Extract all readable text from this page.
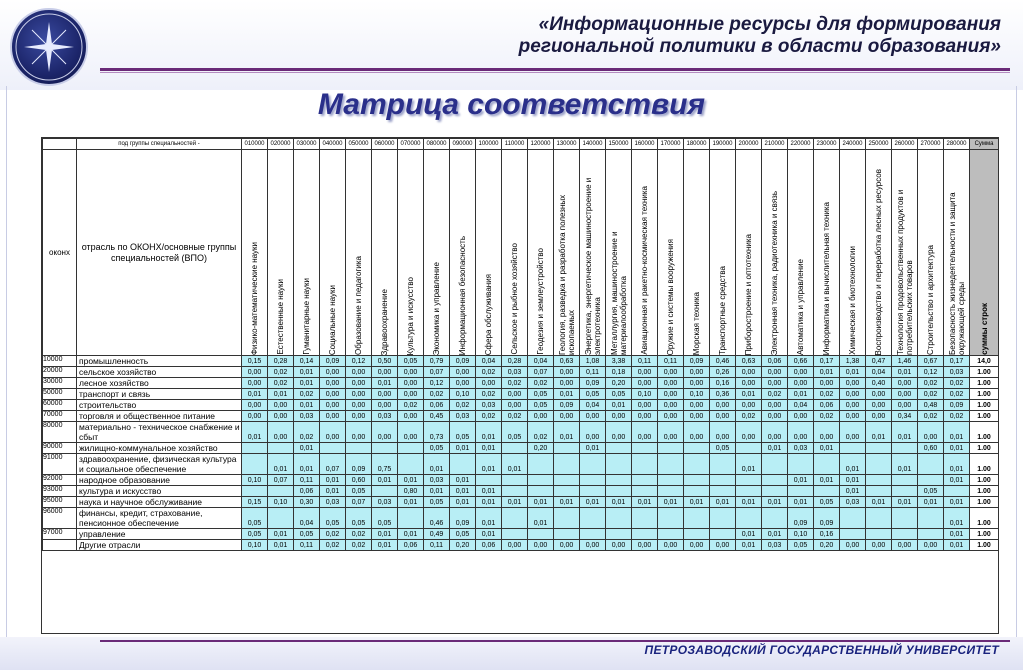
«Информационные ресурсы для формирования
региональной политики в области образования»
Матрица соответствия
	под группы специальностей -	010000	020000	030000	040000	050000	060000	070000	080000	090000	100000	110000	120000	130000	140000	150000	160000	170000	180000	190000	200000	210000	220000	230000	240000	250000	260000	270000	280000	Сумма
оконх	отрасль по ОКОНХ/основные группы специальностей (ВПО)	Физико-математические науки	Естественные науки	Гуманитарные науки	Социальные науки	Образование и педагогика	Здравоохранение	Культура и искусство	Экономика и управление	Информационная безопасность	Сфера обслуживания	Сельское и рыбное хозяйство	Геодезия и землеустройство	Геология, разведка и разработка полезных ископаемых	Энергетика, энергетическое машиностроение и электротехника	Металлургия, машиностроение и материалообработка	Авиационная и ракетно-космическая техника	Оружие и системы вооружения	Морская техника	Транспортные средства	Приборостроение и оптотехника	Электронная техника, радиотехника и связь	Автоматика и управление	Информатика и вычислительная техника	Химическая и биотехнологии	Воспроизводство и переработка лесных ресурсов	Технология продовольственных продуктов и потребительских товаров	Строительство и архитектура	Безопасность жизнедеятельности и защита окружающей среды	суммы строк

10000	промышленность	0,15	0,28	0,14	0,09	0,12	0,50	0,05	0,79	0,09	0,04	0,28	0,04	0,63	1,08	3,38	0,11	0,11	0,09	0,46	0,63	0,06	0,66	0,17	1,38	0,47	1,46	0,67	0,17	14,0
20000	сельское хозяйство	0,00	0,02	0,01	0,00	0,00	0,00	0,00	0,07	0,00	0,02	0,03	0,07	0,00	0,11	0,18	0,00	0,00	0,00	0,26	0,00	0,00	0,00	0,01	0,01	0,04	0,01	0,12	0,03	1.00
30000	лесное хозяйство	0,00	0,02	0,01	0,00	0,00	0,01	0,00	0,12	0,00	0,00	0,02	0,02	0,00	0,09	0,20	0,00	0,00	0,00	0,16	0,00	0,00	0,00	0,00	0,00	0,40	0,00	0,02	0,02	1.00
50000	транспорт и связь	0,01	0,01	0,02	0,00	0,00	0,00	0,00	0,02	0,10	0,02	0,00	0,05	0,01	0,05	0,05	0,10	0,00	0,10	0,36	0,01	0,02	0,01	0,02	0,00	0,00	0,00	0,02	0,02	1.00
60000	строительство	0,00	0,00	0,01	0,00	0,00	0,00	0,02	0,06	0,02	0,03	0,00	0,05	0,09	0,04	0,01	0,00	0,00	0,00	0,00	0,00	0,00	0,04	0,06	0,00	0,00	0,00	0,48	0,09	1.00
70000	торговля и общественное питание	0,00	0,00	0,03	0,00	0,00	0,03	0,00	0,45	0,03	0,02	0,02	0,00	0,00	0,00	0,00	0,00	0,00	0,00	0,00	0,02	0,00	0,00	0,02	0,00	0,00	0,34	0,02	0,02	1.00
80000	материально - техническое снабжение и сбыт	0,01	0,00	0,02	0,00	0,00	0,00	0,00	0,73	0,05	0,01	0,05	0,02	0,01	0,00	0,00	0,00	0,00	0,00	0,00	0,00	0,00	0,00	0,00	0,00	0,01	0,01	0,00	0,01	1.00
90000	жилищно-коммунальное хозяйство			0,01					0,05	0,01	0,01		0,20		0,01					0,05		0,01	0,03	0,01				0,60	0,01	1.00
91000	здравоохранение, физическая культура и социальное обеспечение		0,01	0,01	0,07	0,09	0,75		0,01		0,01	0,01									0,01				0,01		0,01		0,01	1.00
92000	народное образование	0,10	0,07	0,11	0,01	0,60	0,01	0,01	0,03	0,01													0,01	0,01	0,01				0,01	1.00
93000	культура и искусство			0,06	0,01	0,05		0,80	0,01	0,01	0,01														0,01			0,05		1.00
95000	наука и научное обслуживание	0,15	0,10	0,30	0,03	0,07	0,03	0,01	0,05	0,01	0,01	0,01	0,01	0,01	0,01	0,01	0,01	0,01	0,01	0,01	0,01	0,01	0,01	0,05	0,03	0,01	0,01	0,01	0,01	1.00
96000	финансы, кредит, страхование, пенсионное обеспечение	0,05		0,04	0,05	0,05	0,05		0,46	0,09	0,01		0,01										0,09	0,09					0,01	1.00
97000	управление	0,05	0,01	0,05	0,02	0,02	0,01	0,01	0,49	0,05	0,01										0,01	0,01	0,10	0,16					0,01	1.00
	Другие отрасли	0,10	0,01	0,11	0,02	0,02	0,01	0,06	0,11	0,20	0,06	0,00	0,00	0,00	0,00	0,00	0,00	0,00	0,00	0,00	0,01	0,03	0,05	0,20	0,00	0,00	0,00	0,00	0,01	1.00
ПЕТРОЗАВОДСКИЙ ГОСУДАРСТВЕННЫЙ УНИВЕРСИТЕТ
